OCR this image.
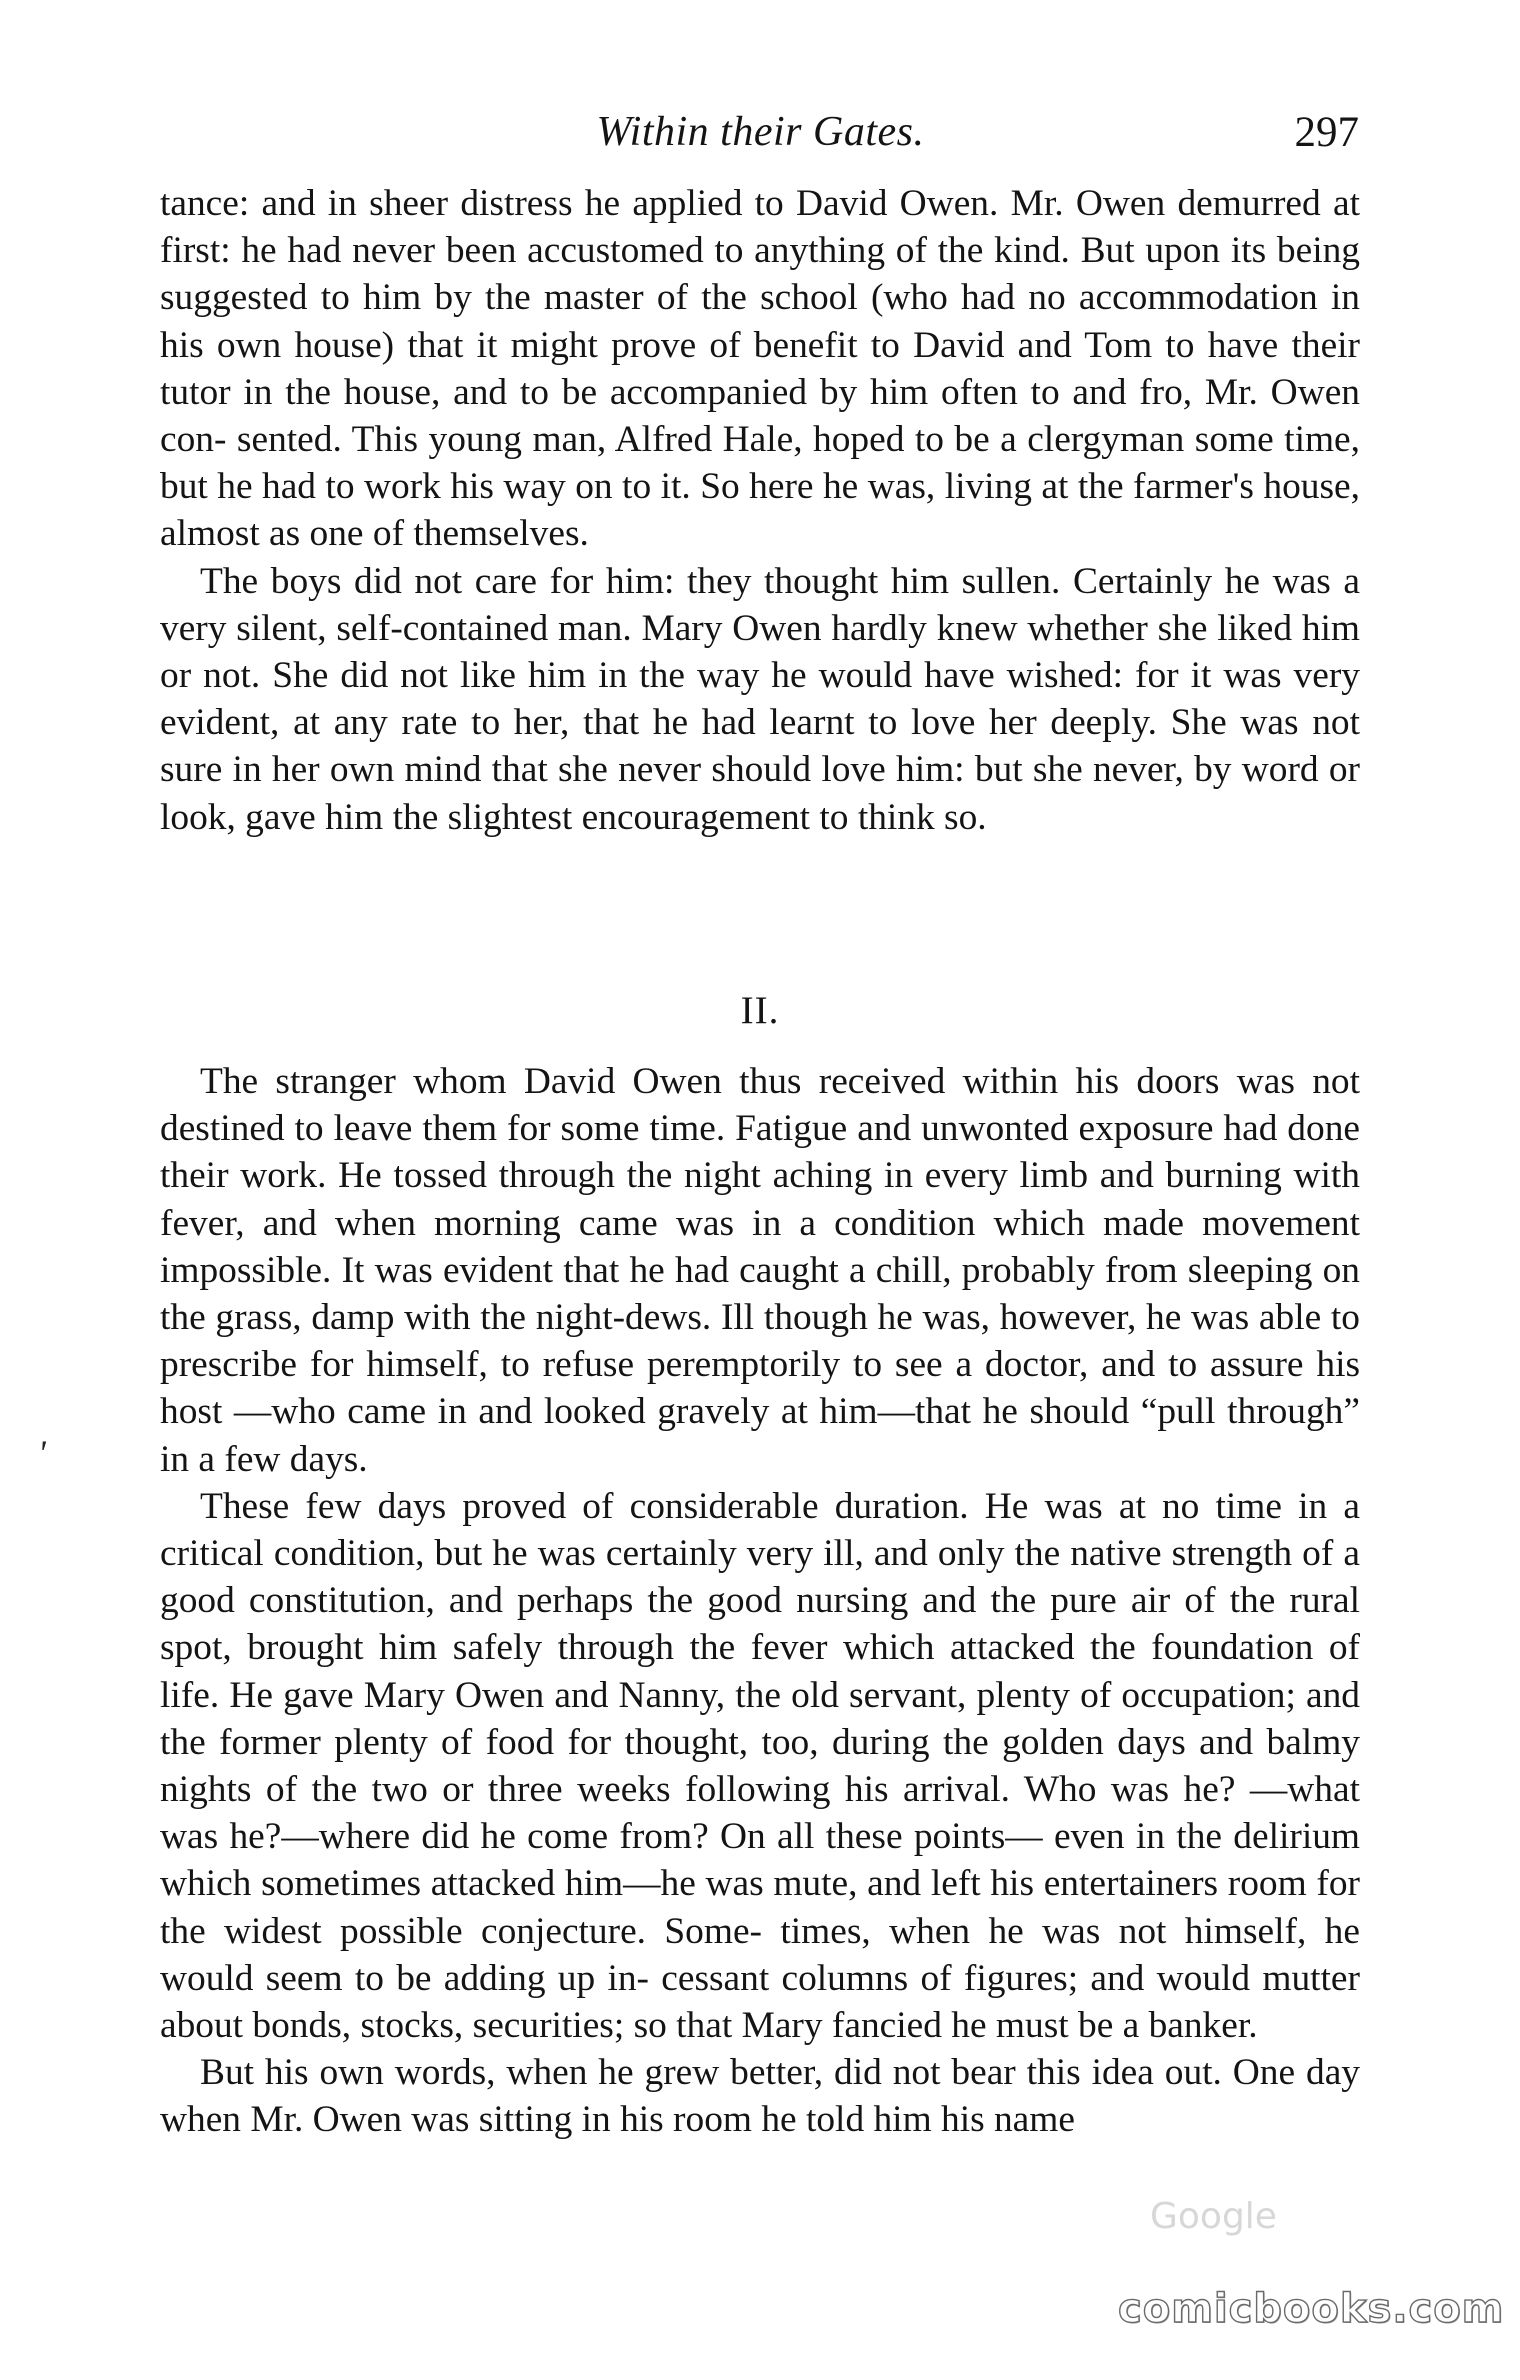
Within their Gates.	297

tance: and in sheer distress he applied to David Owen. Mr. Owen demurred at first: he had never been accustomed to anything of the kind. But upon its being suggested to him by the master of the school (who had no accommodation in his own house) that it might prove of benefit to David and Tom to have their tutor in the house, and to be accompanied by him often to and fro, Mr. Owen con- sented. This young man, Alfred Hale, hoped to be a clergyman some time, but he had to work his way on to it. So here he was, living at the farmer's house, almost as one of themselves.

The boys did not care for him: they thought him sullen. Certainly he was a very silent, self-contained man. Mary Owen hardly knew whether she liked him or not. She did not like him in the way he would have wished: for it was very evident, at any rate to her, that he had learnt to love her deeply. She was not sure in her own mind that she never should love him: but she never, by word or look, gave him the slightest encouragement to think so.

II.

The stranger whom David Owen thus received within his doors was not destined to leave them for some time. Fatigue and unwonted exposure had done their work. He tossed through the night aching in every limb and burning with fever, and when morning came was in a condition which made movement impossible. It was evident that he had caught a chill, probably from sleeping on the grass, damp with the night-dews. Ill though he was, however, he was able to prescribe for himself, to refuse peremptorily to see a doctor, and to assure his host —who came in and looked gravely at him—that he should “pull through” in a few days.

These few days proved of considerable duration. He was at no time in a critical condition, but he was certainly very ill, and only the native strength of a good constitution, and perhaps the good nursing and the pure air of the rural spot, brought him safely through the fever which attacked the foundation of life. He gave Mary Owen and Nanny, the old servant, plenty of occupation; and the former plenty of food for thought, too, during the golden days and balmy nights of the two or three weeks following his arrival. Who was he? —what was he?—where did he come from? On all these points— even in the delirium which sometimes attacked him—he was mute, and left his entertainers room for the widest possible conjecture. Some- times, when he was not himself, he would seem to be adding up in- cessant columns of figures; and would mutter about bonds, stocks, securities; so that Mary fancied he must be a banker.

But his own words, when he grew better, did not bear this idea out. One day when Mr. Owen was sitting in his room he told him his name

'
Google
comicbooks.com
